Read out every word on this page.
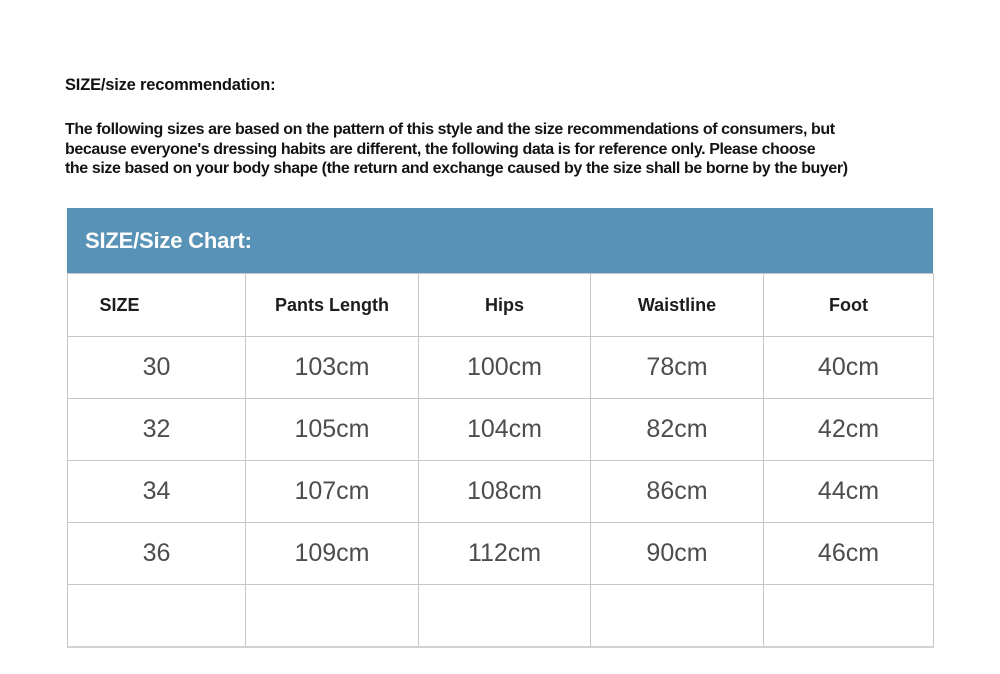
SIZE/size recommendation:
The following sizes are based on the pattern of this style and the size recommendations of consumers, but
because everyone's dressing habits are different, the following data is for reference only. Please choose
the size based on your body shape (the return and exchange caused by the size shall be borne by the buyer)
SIZE/Size Chart:
SIZE	Pants Length	Hips	Waistline	Foot
30	103cm	100cm	78cm	40cm
32	105cm	104cm	82cm	42cm
34	107cm	108cm	86cm	44cm
36	109cm	112cm	90cm	46cm
